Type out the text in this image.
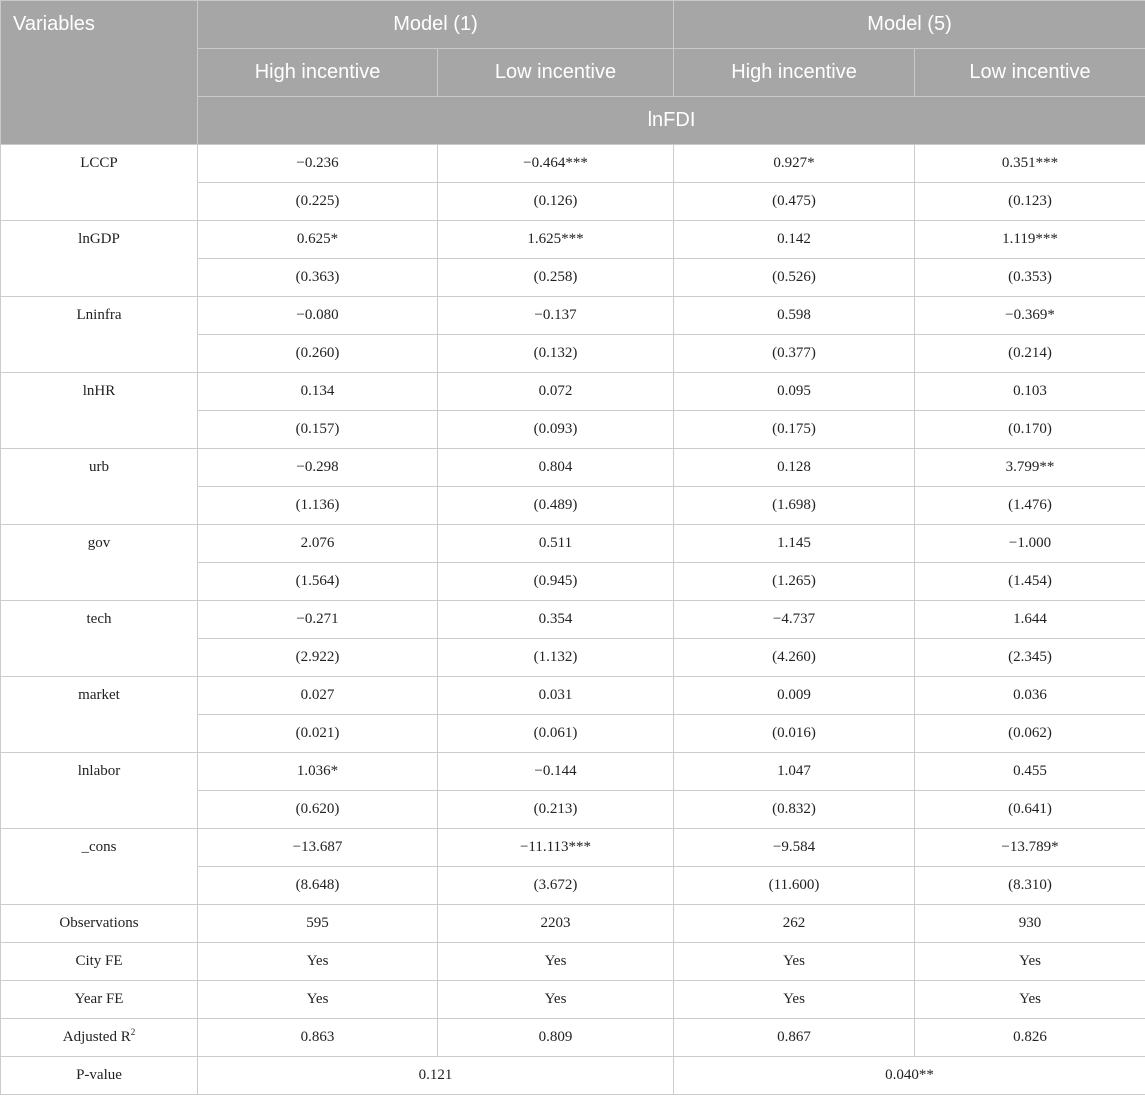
Variables	Model (1)		Model (5)	
	High incentive	Low incentive	High incentive	Low incentive
	lnFDI			
LCCP	−0.236	−0.464***	0.927*	0.351***
	(0.225)	(0.126)	(0.475)	(0.123)
lnGDP	0.625*	1.625***	0.142	1.119***
	(0.363)	(0.258)	(0.526)	(0.353)
Lninfra	−0.080	−0.137	0.598	−0.369*
	(0.260)	(0.132)	(0.377)	(0.214)
lnHR	0.134	0.072	0.095	0.103
	(0.157)	(0.093)	(0.175)	(0.170)
urb	−0.298	0.804	0.128	3.799**
	(1.136)	(0.489)	(1.698)	(1.476)
gov	2.076	0.511	1.145	−1.000
	(1.564)	(0.945)	(1.265)	(1.454)
tech	−0.271	0.354	−4.737	1.644
	(2.922)	(1.132)	(4.260)	(2.345)
market	0.027	0.031	0.009	0.036
	(0.021)	(0.061)	(0.016)	(0.062)
lnlabor	1.036*	−0.144	1.047	0.455
	(0.620)	(0.213)	(0.832)	(0.641)
_cons	−13.687	−11.113***	−9.584	−13.789*
	(8.648)	(3.672)	(11.600)	(8.310)
Observations	595	2203	262	930
City FE	Yes	Yes	Yes	Yes
Year FE	Yes	Yes	Yes	Yes
Adjusted $R^2$	0.863	0.809	0.867	0.826
P-value	0.121		0.040**	
